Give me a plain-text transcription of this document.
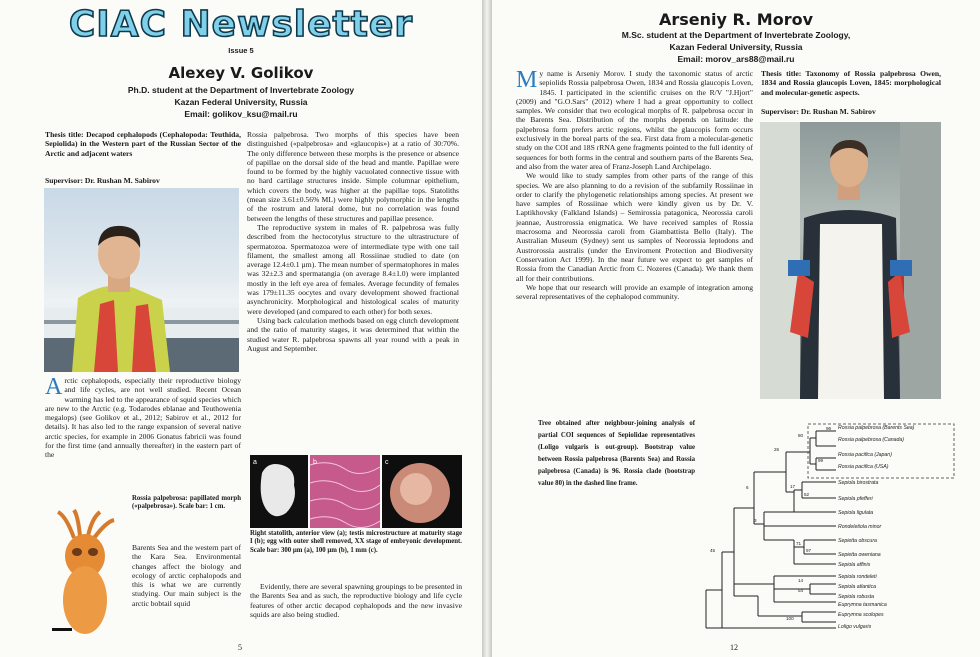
CIAC Newsletter
Issue 5
Alexey V. Golikov
Ph.D. student at the Department of Invertebrate Zoology
Kazan Federal University, Russia
Email: golikov_ksu@mail.ru
Thesis title: Decapod cephalopods (Cephalopoda: Teuthida, Sepiolida) in the Western part of the Russian Sector of the Arctic and adjacent waters
Supervisor: Dr. Rushan M. Sabirov
Arctic cephalopods, especially their reproductive biology and life cycles, are not well studied. Recent Ocean warming has led to the appearance of squid species which are new to the Arctic (e.g. Todarodes eblanae and Teuthowenia megalops) (see Golikov et al., 2012; Sabirov et al., 2012 for details). It has also led to the range expansion of several native arctic species, for example in 2006 Gonatus fabricii was found for the first time (and annually thereafter) in the eastern part of the
Rossia palpebrosa: papillated morph («palpebrosa»). Scale bar: 1 cm.
Barents Sea and the western part of the Kara Sea. Environmental changes affect the biology and ecology of arctic cephalopods and this is what we are currently studying. Our main subject is the arctic bobtail squid

Rossia palpebrosa. Two morphs of this species have been distinguished («palpebrosa» and «glaucopis») at a ratio of 30:70%. The only difference between these morphs is the presence or absence of papillae on the dorsal side of the head and mantle. Papillae were found to be formed by the highly vacuolated connective tissue with no hard cartilage structures inside. Simple columnar epithelium, which covers the body, was higher at the papillae tops. Statoliths (mean size 3.61±0.56% ML) were highly polymorphic in the lengths of the rostrum and lateral dome, but no correlation was found between the lengths of these structures and papillae presence.

The reproductive system in males of R. palpebrosa was fully described from the hectocotylus structure to the ultrastructure of spermatozoa. Spermatozoa were of intermediate type with one tail filament, the smallest among all Rossiinae studied to date (on average 12.4±0.1 µm). The mean number of spermatophores in males was 32±2.3 and spermatangia (on average 8.4±1.0) were implanted mostly in the left eye area of females. Average fecundity of females was 179±11.35 oocytes and ovary development showed fractional asynchronicity. Morphological and histological scales of maturity were developed (and compared to each other) for both sexes.

Using back calculation methods based on egg clutch development and the ratio of maturity stages, it was determined that within the studied water R. palpebrosa spawns all year round with a peak in August and September.

a	b	c
Right statolith, anterior view (a); testis microstructure at maturity stage I (b); egg with outer shell removed, XX stage of embryonic development. Scale bar: 300 µm (a), 100 µm (b), 1 mm (c).

Evidently, there are several spawning groupings to be presented in the Barents Sea and as such, the reproductive biology and life cycle features of other arctic decapod cephalopods and the new invasive squids are also being studied.

5
Arseniy R. Morov
M.Sc. student at the Department of Invertebrate Zoology,
Kazan Federal University, Russia
Email: morov_ars88@mail.ru

My name is Arseniy Morov. I study the taxonomic status of arctic sepiolids Rossia palpebrosa Owen, 1834 and Rossia glaucopis Loven, 1845. I participated in the scientific cruises on the R/V "J.Hjort" (2009) and "G.O.Sars" (2012) where I had a great opportunity to collect samples. We consider that two ecological morphs of R. palpebrosa occur in the Barents Sea. Distribution of the morphs depends on latitude: the palpebrosa form prefers arctic regions, whilst the glaucopis form occurs exclusively in the boreal parts of the sea. First data from a molecular-genetic study on the COI and 18S rRNA gene fragments pointed to the full identity of sequences for both forms in the central and southern parts of the Barents Sea, and also from the water area of Franz-Joseph Land Archipelago.

We would like to study samples from other parts of the range of this species. We are also planning to do a revision of the subfamily Rossiinae in order to clarify the phylogenetic relationships among species. At present we have samples of Rossiinae which were kindly given us by Dr. V. Laptikhovsky (Falkland Islands) – Semirossia patagonica, Neorossia caroli jeannae, Austrorossia enigmatica. We have received samples of Rossia macrosoma and Neorossia caroli from Giambattista Bello (Italy). The Australian Museum (Sydney) sent us samples of Neorossia leptodons and Austrorossia australis (under the Enviroment Protection and Biodiversity Conservation Act 1999). In the near future we expect to get samples of Rossia from the Canadian Arctic from C. Nozeres (Canada). We thank them all for their contributions.

We hope that our research will provide an example of integration among several representatives of the cephalopod community.

Thesis title: Taxonomy of Rossia palpebrosa Owen, 1834 and Rossia glaucopis Loven, 1845: morphological and molecular-genetic aspects.
Supervisor: Dr. Rushan M. Sabirov
Tree obtained after neighbour-joining analysis of partial COI sequences of Sepiolidae representatives (Loligo vulgaris is out-group). Bootstrap value between Rossia palpebrosa (Barents Sea) and Rossia palpebrosa (Canada) is 96. Rossia clade (bootstrap value 80) in the dashed line frame.
Rossia palpebrosa (Barents Sea)
Rossia palpebrosa (Canada)
Rossia pacifica (Japan)
Rossia pacifica (USA)
Sepiola birostrata
Sepiola pfefferi
Sepiola ligulata
Rondeletiola minor
Sepietta obscura
Sepietta oweniana
Sepiola affinis
Sepiola rondeleti
Sepiola atlantica
Sepiola robusta
Euprymna tasmanica
Euprymna scolopes
Loligo vulgaris
96
80
99
26
17
52
6
71
97
3
14
54
45
100
12
